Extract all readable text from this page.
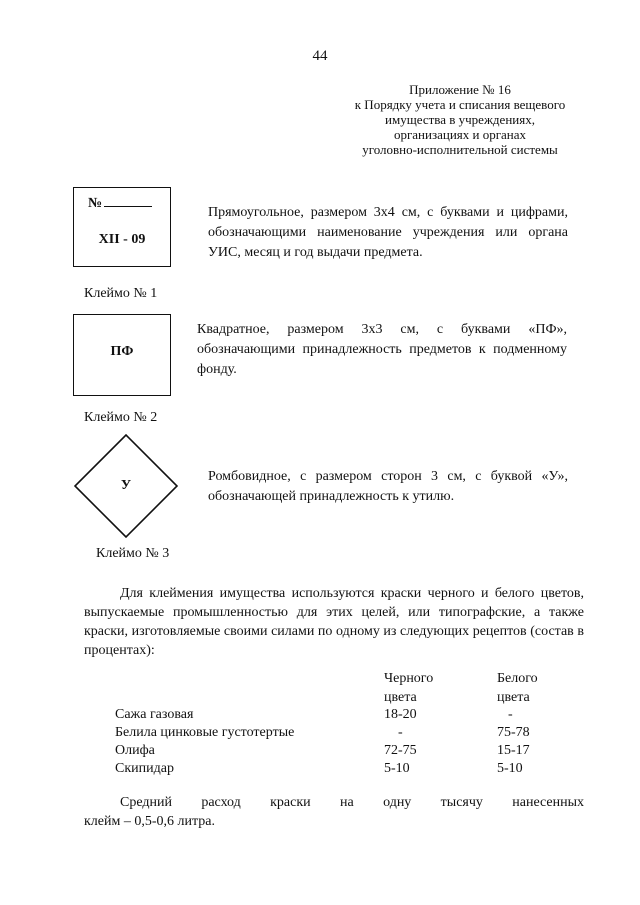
44
Приложение № 16
к Порядку учета и списания вещевого
имущества в учреждениях,
организациях и органах
уголовно-исполнительной системы
№
XII - 09
Прямоугольное, размером 3х4 см, с буквами и цифрами, обозначающими наименование учреждения или органа УИС, месяц и год выдачи предмета.
Клеймо № 1
ПФ
Квадратное, размером 3х3 см, с буквами «ПФ», обозначающими принадлежность предметов к подменному фонду.
Клеймо № 2
У
Ромбовидное, с размером сторон 3 см, с буквой «У», обозначающей принадлежность к утилю.
Клеймо № 3
Для клеймения имущества используются краски черного и белого цветов, выпускаемые промышленностью для этих целей, или типографские, а также краски, изготовляемые своими силами по одному из следующих рецептов (состав в процентах):
Черного
цвета
Белого
цвета
Сажа газовая	18-20	-
Белила цинковые густотертые	-	75-78
Олифа	72-75	15-17
Скипидар	5-10	5-10
Средний расход краски на одну тысячу нанесенных
клейм – 0,5-0,6 литра.
